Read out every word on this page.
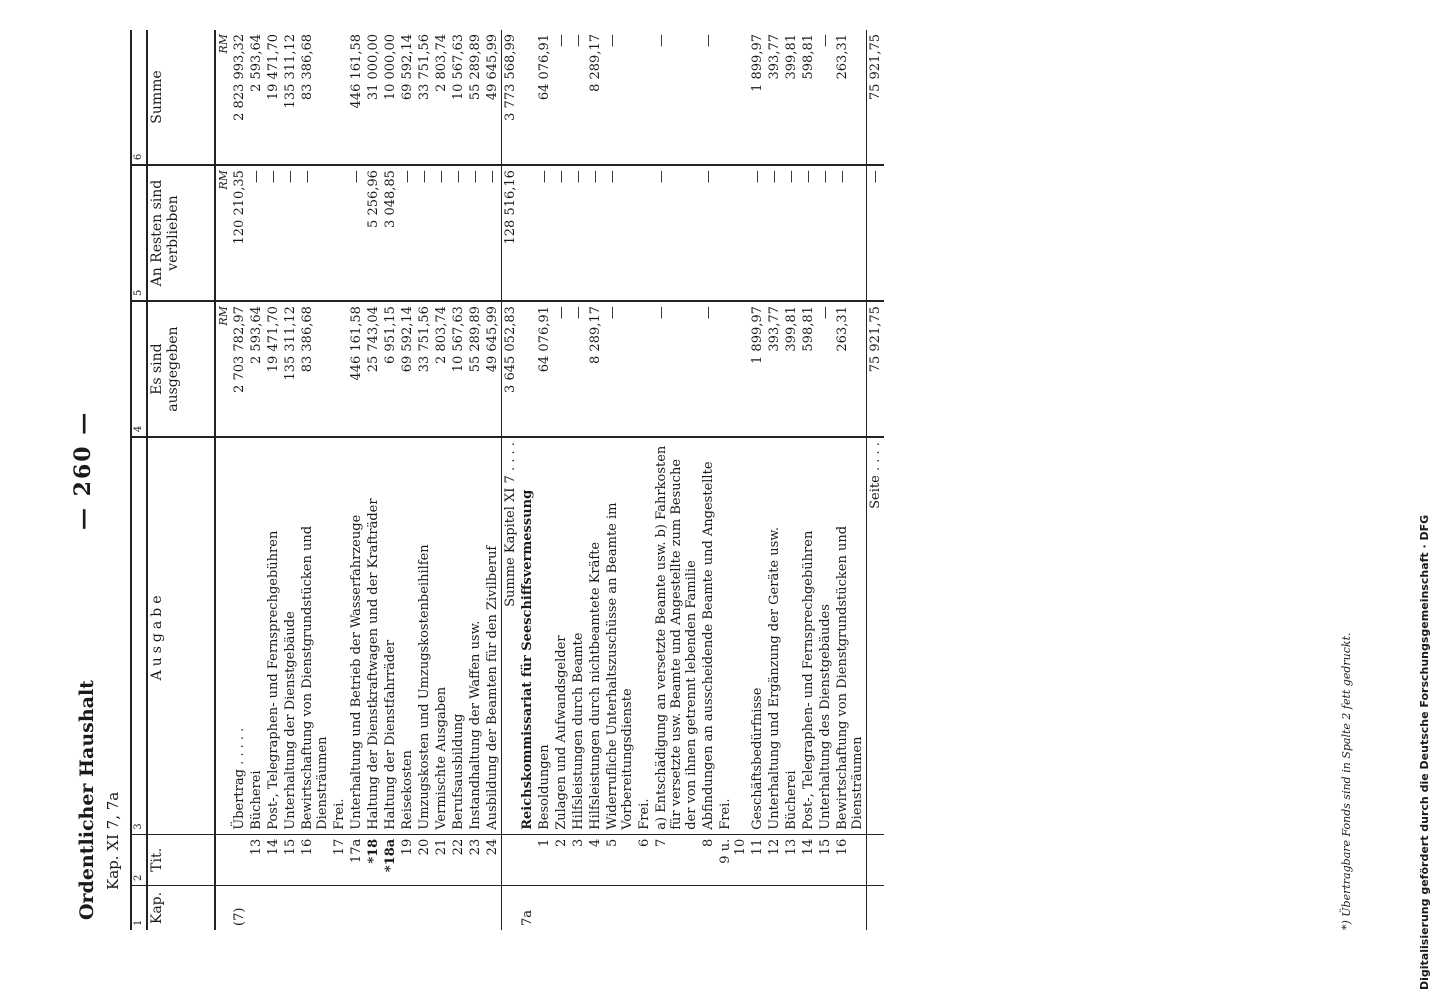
Digitalisierung gefördert durch die Deutsche Forschungsgemeinschaft · DFG
Ordentlicher Haushalt Kap. XI 7, 7a
— 260 —
1	2	3	4	5	6
Kap.	Tit.	Ausgabe	Es sind ausgegeben	An Resten sind verblieben	Summe
			RM	RM	RM
(7)		Übertrag . . . . .	2 703 782,97	120 210,35	2 823 993,32
	13	Bücherei	2 593,64	—	2 593,64
	14	Post-, Telegraphen- und Fernsprechgebühren	19 471,70	—	19 471,70
	15	Unterhaltung der Dienstgebäude	135 311,12	—	135 311,12
	16	Bewirtschaftung von Dienstgrundstücken und Diensträumen	83 386,68	—	83 386,68
	17	Frei.			
	17a	Unterhaltung und Betrieb der Wasserfahrzeuge	446 161,58	—	446 161,58
	*18	Haltung der Dienstkraftwagen und der Krafträder	25 743,04	5 256,96	31 000,00
	*18a	Haltung der Dienstfahrräder	6 951,15	3 048,85	10 000,00
	19	Reisekosten	69 592,14	—	69 592,14
	20	Umzugskosten und Umzugskostenbeihilfen	33 751,56	—	33 751,56
	21	Vermischte Ausgaben	2 803,74	—	2 803,74
	22	Berufsausbildung	10 567,63	—	10 567,63
	23	Instandhaltung der Waffen usw.	55 289,89	—	55 289,89
	24	Ausbildung der Beamten für den Zivilberuf	49 645,99	—	49 645,99
		Summe Kapitel XI 7 . . . .	3 645 052,83	128 516,16	3 773 568,99
7a		Reichskommissariat für Seeschiffsvermessung			
	1	Besoldungen	64 076,91	—	64 076,91
	2	Zulagen und Aufwandsgelder	—	—	—
	3	Hilfsleistungen durch Beamte	—	—	—
	4	Hilfsleistungen durch nichtbeamtete Kräfte	8 289,17	—	8 289,17
	5	Widerrufliche Unterhaltszuschüsse an Beamte im Vorbereitungsdienste	—	—	—
	6	Frei.			
	7	a) Entschädigung an versetzte Beamte usw. b) Fahrkosten für versetzte usw. Beamte und Angestellte zum Besuche der von ihnen getrennt lebenden Familie	—	—	—
	8	Abfindungen an ausscheidende Beamte und Angestellte	—	—	—
	9 u. 10	Frei.			
	11	Geschäftsbedürfnisse	1 899,97	—	1 899,97
	12	Unterhaltung und Ergänzung der Geräte usw.	393,77	—	393,77
	13	Bücherei	399,81	—	399,81
	14	Post-, Telegraphen- und Fernsprechgebühren	598,81	—	598,81
	15	Unterhaltung des Dienstgebäudes	—	—	—
	16	Bewirtschaftung von Dienstgrundstücken und Diensträumen	263,31	—	263,31
		Seite . . . .	75 921,75	—	75 921,75
*) Übertragbare Fonds sind in Spalte 2 fett gedruckt.
